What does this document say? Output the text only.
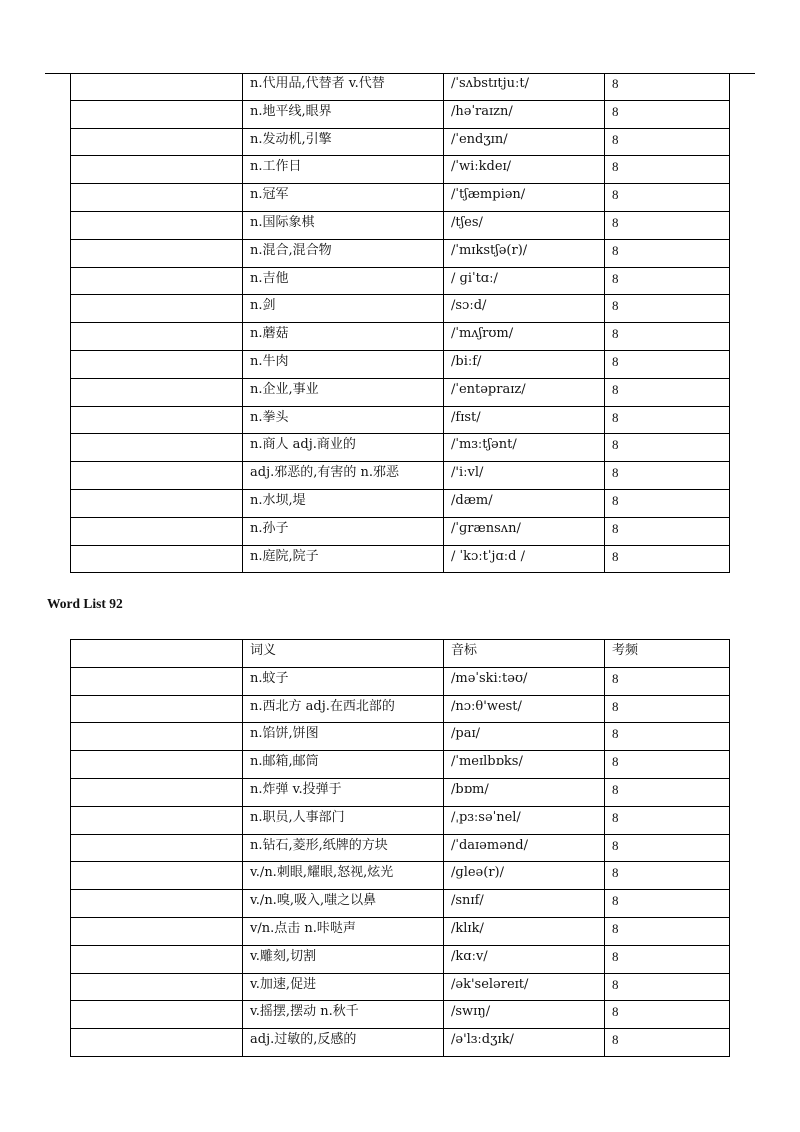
	n.代用品,代替者 v.代替	/ˈsʌbstɪtjuːt/	8
	n.地平线,眼界	/həˈraɪzn/	8
	n.发动机,引擎	/ˈendʒɪn/	8
	n.工作日	/ˈwiːkdeɪ/	8
	n.冠军	/ˈtʃæmpiən/	8
	n.国际象棋	/tʃes/	8
	n.混合,混合物	/ˈmɪkstʃə(r)/	8
	n.吉他	/ ɡiˈtɑː/	8
	n.剑	/sɔːd/	8
	n.蘑菇	/ˈmʌʃrʊm/	8
	n.牛肉	/biːf/	8
	n.企业,事业	/ˈentəpraɪz/	8
	n.拳头	/fɪst/	8
	n.商人 adj.商业的	/ˈmɜːtʃənt/	8
	adj.邪恶的,有害的 n.邪恶	/'iːvl/	8
	n.水坝,堤	/dæm/	8
	n.孙子	/ˈɡrænsʌn/	8
	n.庭院,院子	/ ˈkɔːtˈjɑːd /	8
Word List 92
	词义	音标	考频
	n.蚊子	/məˈskiːtəʊ/	8
	n.西北方 adj.在西北部的	/nɔːθ'west/	8
	n.馅饼,饼图	/paɪ/	8
	n.邮箱,邮筒	/ˈmeɪlbɒks/	8
	n.炸弹 v.投弹于	/bɒm/	8
	n.职员,人事部门	/ˌpɜːsəˈnel/	8
	n.钻石,菱形,纸牌的方块	/ˈdaɪəmənd/	8
	v./n.刺眼,耀眼,怒视,炫光	/ɡleə(r)/	8
	v./n.嗅,吸入,嗤之以鼻	/snɪf/	8
	v/n.点击 n.咔哒声	/klɪk/	8
	v.雕刻,切割	/kɑːv/	8
	v.加速,促进	/ək'seləreɪt/	8
	v.摇摆,摆动 n.秋千	/swɪŋ/	8
	adj.过敏的,反感的	/ə'lɜːdʒɪk/	8
